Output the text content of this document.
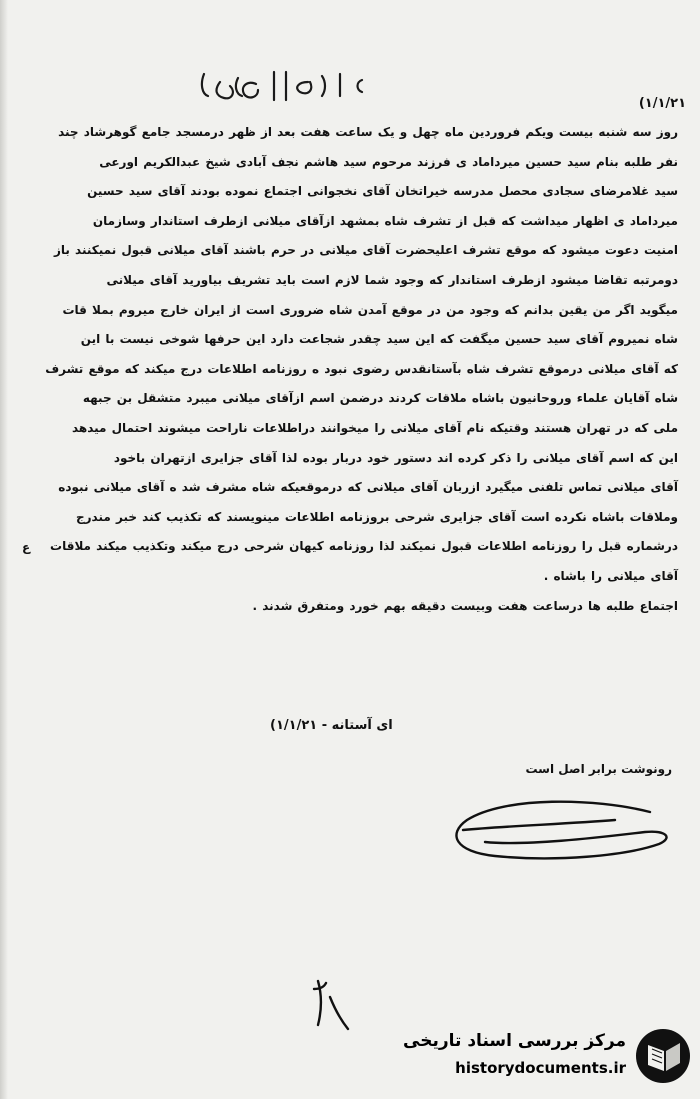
۱/۱/۲۱)

روز سه شنبه بیست ویکم فروردین ماه چهل و یک ساعت هفت بعد از ظهر درمسجد جامع گوهرشاد چند

نفر طلبه بنام سید حسین میرداماد ی فرزند مرحوم سید هاشم نجف آبادی شیخ عبدالکریم اورعی

سید غلامرضای سجادی محصل مدرسه خیراتخان آقای نخجوانی اجتماع نموده بودند آقای سید حسین

میرداماد ی اظهار میداشت که قبل از تشرف شاه بمشهد ازآقای میلانی ازطرف استاندار وسازمان

امنیت دعوت میشود که موقع تشرف اعلیحضرت آقای میلانی در حرم باشند آقای میلانی قبول نمیکنند باز

دومرتبه تقاضا میشود ازطرف استاندار که وجود شما لازم است باید تشریف بیاورید آقای میلانی

میگوید اگر من یقین بدانم که وجود من در موقع آمدن شاه ضروری است از ایران خارج میروم بملا قات

شاه نمیروم آقای سید حسین میگفت که این سید چقدر شجاعت دارد این حرفها شوخی نیست با این

که آقای میلانی درموقع تشرف شاه بآستانقدس رضوی نبود ه روزنامه اطلاعات درج میکند که موقع تشرف

شاه آقایان علماء وروحانیون باشاه ملاقات کردند درضمن اسم ازآقای میلانی میبرد متشقل بن جبهه

ملی که در تهران هستند وقتیکه نام آقای میلانی را میخوانند دراطلاعات ناراحت میشوند احتمال میدهد

این که اسم آقای میلانی را ذکر کرده اند دستور خود دربار بوده لذا آقای جزایری ازتهران باخود

آقای میلانی تماس تلفنی میگیرد ازربان آقای میلانی که درموقعیکه شاه مشرف شد ه آقای میلانی نبوده

وملاقات باشاه نکرده است آقای جزایری شرحی بروزنامه اطلاعات مینویسند که تکذیب کند خبر مندرج

درشماره قبل را روزنامه اطلاعات قبول نمیکند لذا روزنامه کیهان شرحی درج میکند وتکذیب میکند ملاقات

آقای میلانی را باشاه .

اجتماع طلبه ها درساعت هفت وبیست دقیقه بهم خورد ومتفرق شدند .

ع
ای آستانه - ۱/۱/۲۱)
رونوشت برابر اصل است
مرکز بررسی اسناد تاریخی
historydocuments.ir
